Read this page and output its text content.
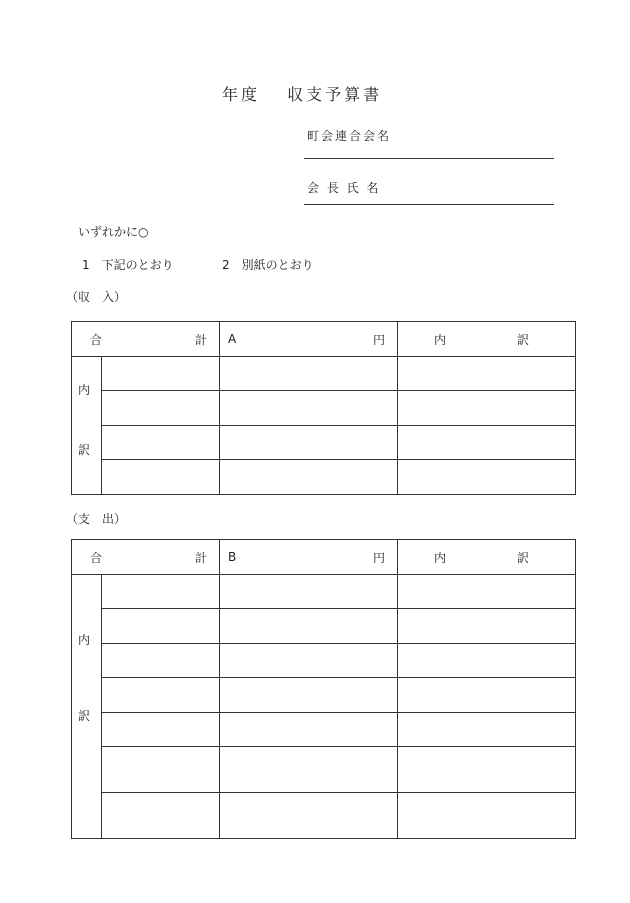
年度　 収支予算書
町会連合会名
会 長 氏 名
いずれかに○
1　下記のとおり	2　別紙のとおり
（収　入）
合 計		A 円	内 訳

内
訳			

（支　出）
合 計		B 円	内 訳

内
訳			
